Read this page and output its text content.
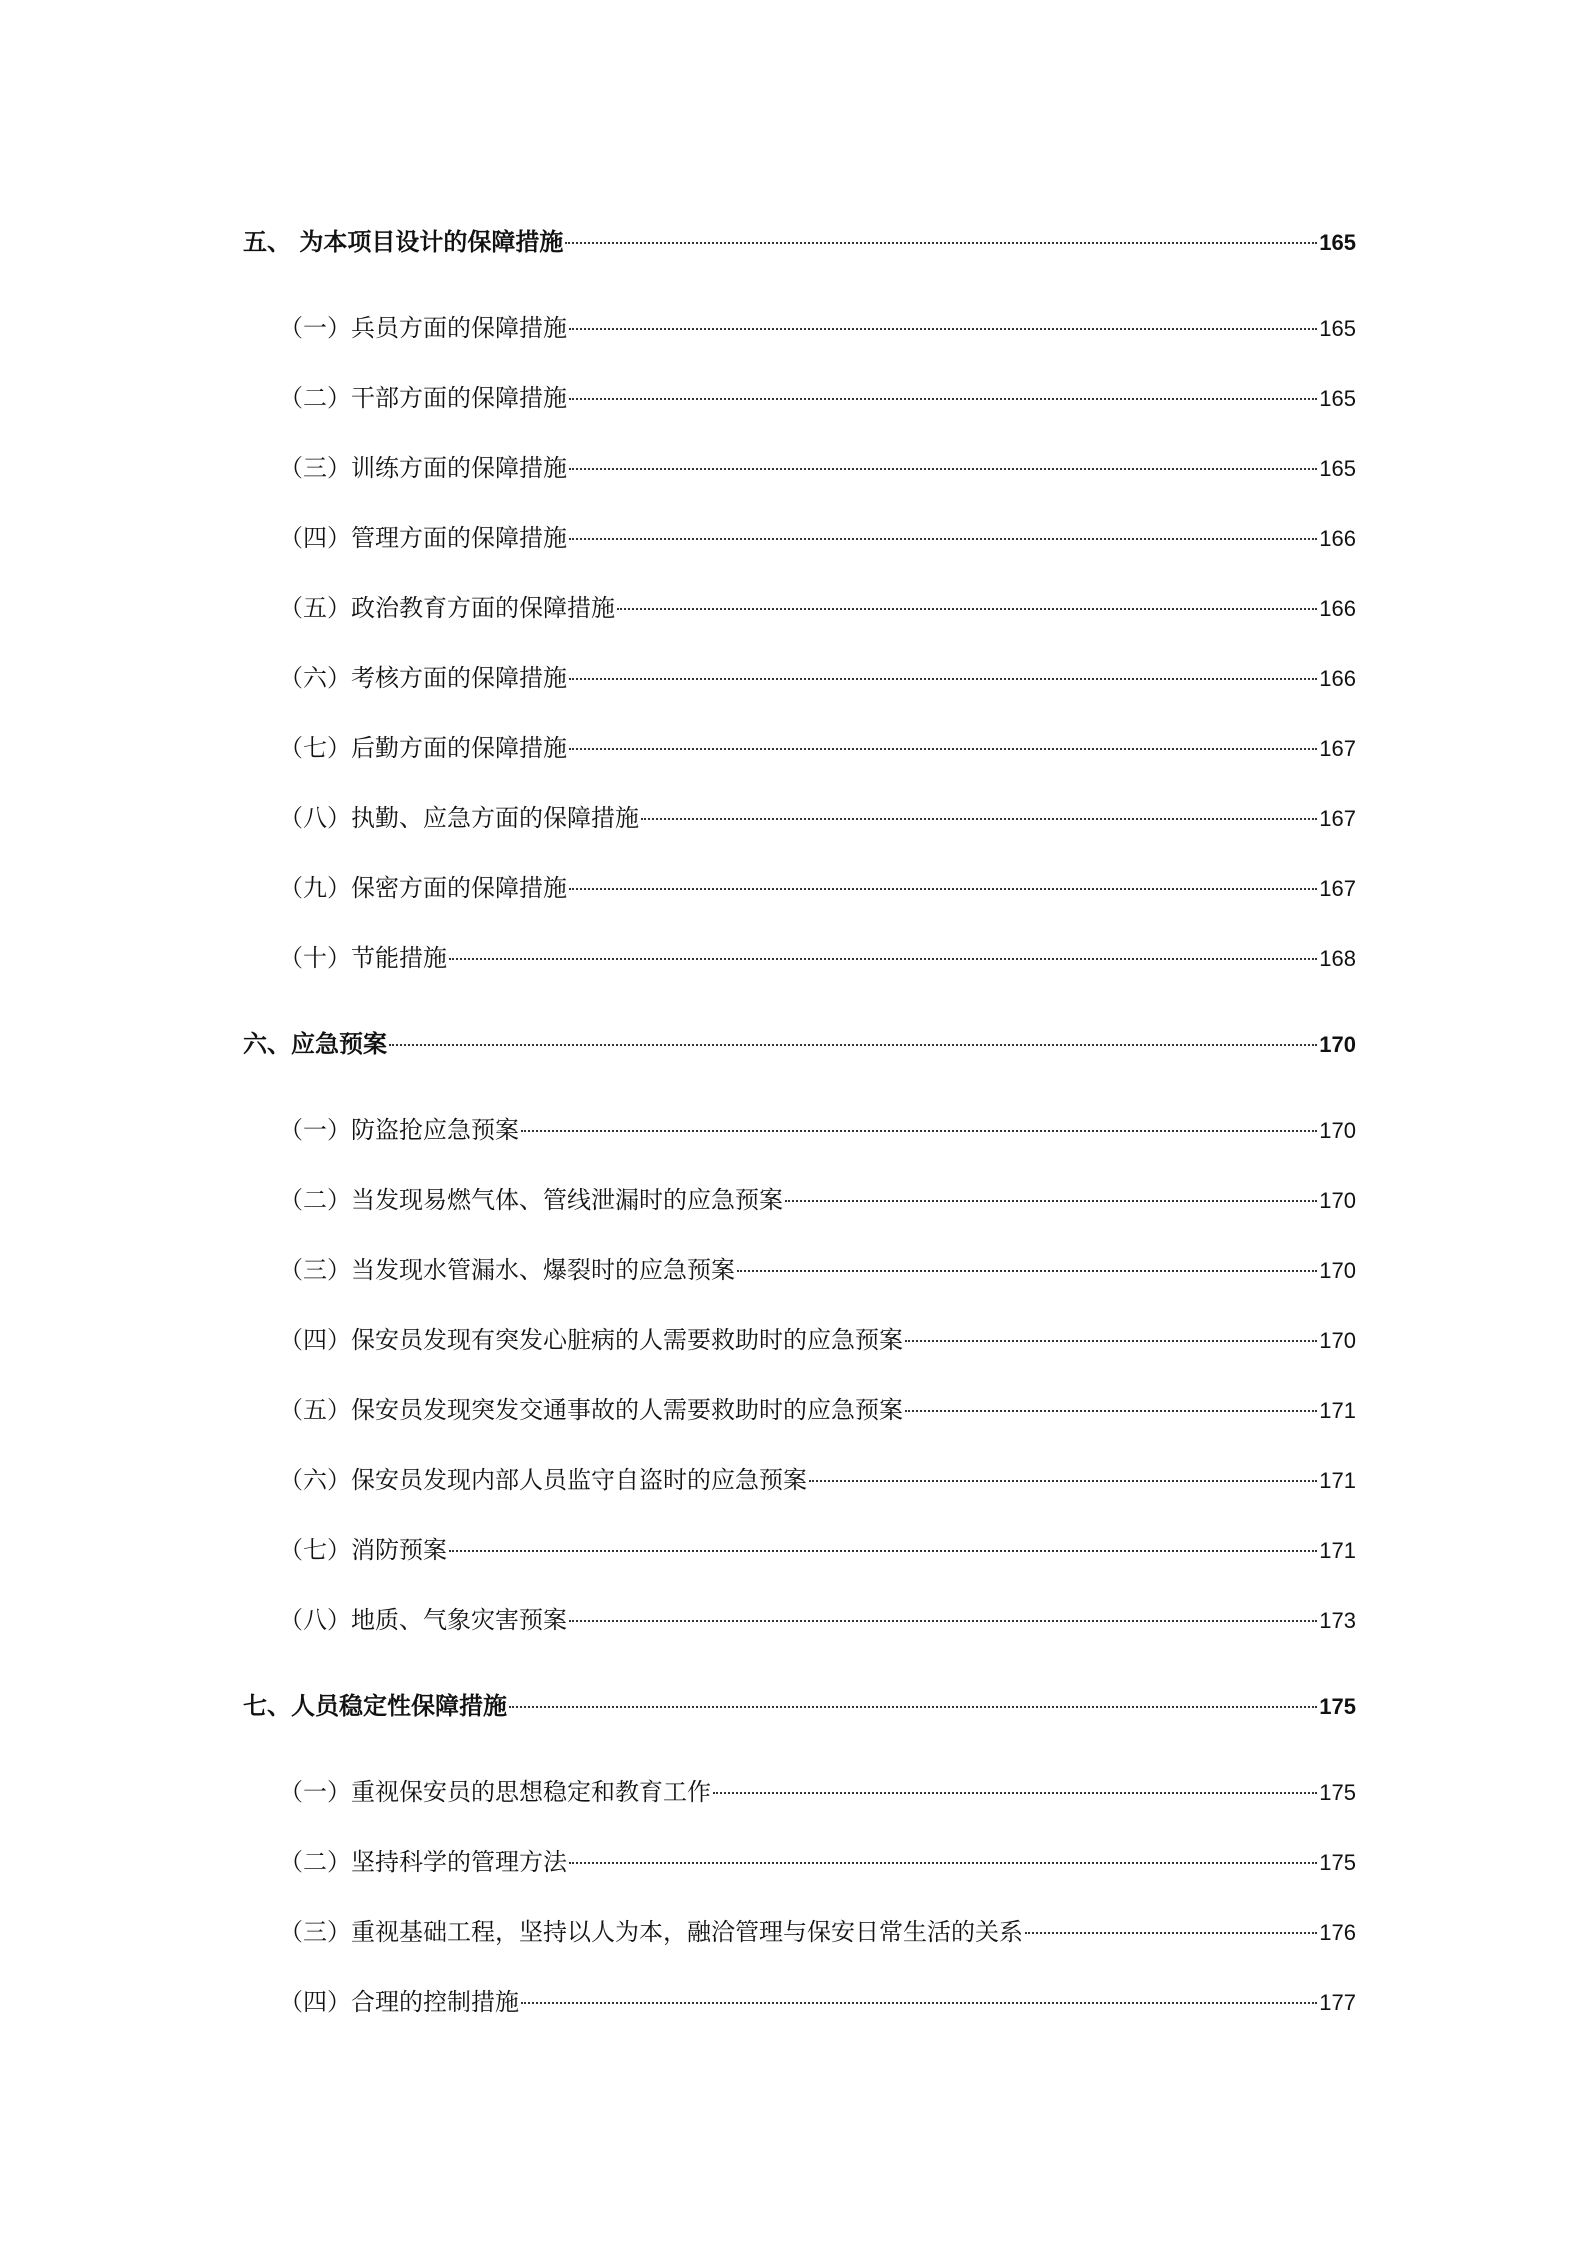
五、 为本项目设计的保障措施	165
（一）兵员方面的保障措施	165
（二）干部方面的保障措施	165
（三）训练方面的保障措施	165
（四）管理方面的保障措施	166
（五）政治教育方面的保障措施	166
（六）考核方面的保障措施	166
（七）后勤方面的保障措施	167
（八）执勤、应急方面的保障措施	167
（九）保密方面的保障措施	167
（十）节能措施	168
六、应急预案	170
（一）防盗抢应急预案	170
（二）当发现易燃气体、管线泄漏时的应急预案	170
（三）当发现水管漏水、爆裂时的应急预案	170
（四）保安员发现有突发心脏病的人需要救助时的应急预案	170
（五）保安员发现突发交通事故的人需要救助时的应急预案	171
（六）保安员发现内部人员监守自盗时的应急预案	171
（七）消防预案	171
（八）地质、气象灾害预案	173
七、人员稳定性保障措施	175
（一）重视保安员的思想稳定和教育工作	175
（二）坚持科学的管理方法	175
（三）重视基础工程，坚持以人为本，融洽管理与保安日常生活的关系	176
（四）合理的控制措施	177
